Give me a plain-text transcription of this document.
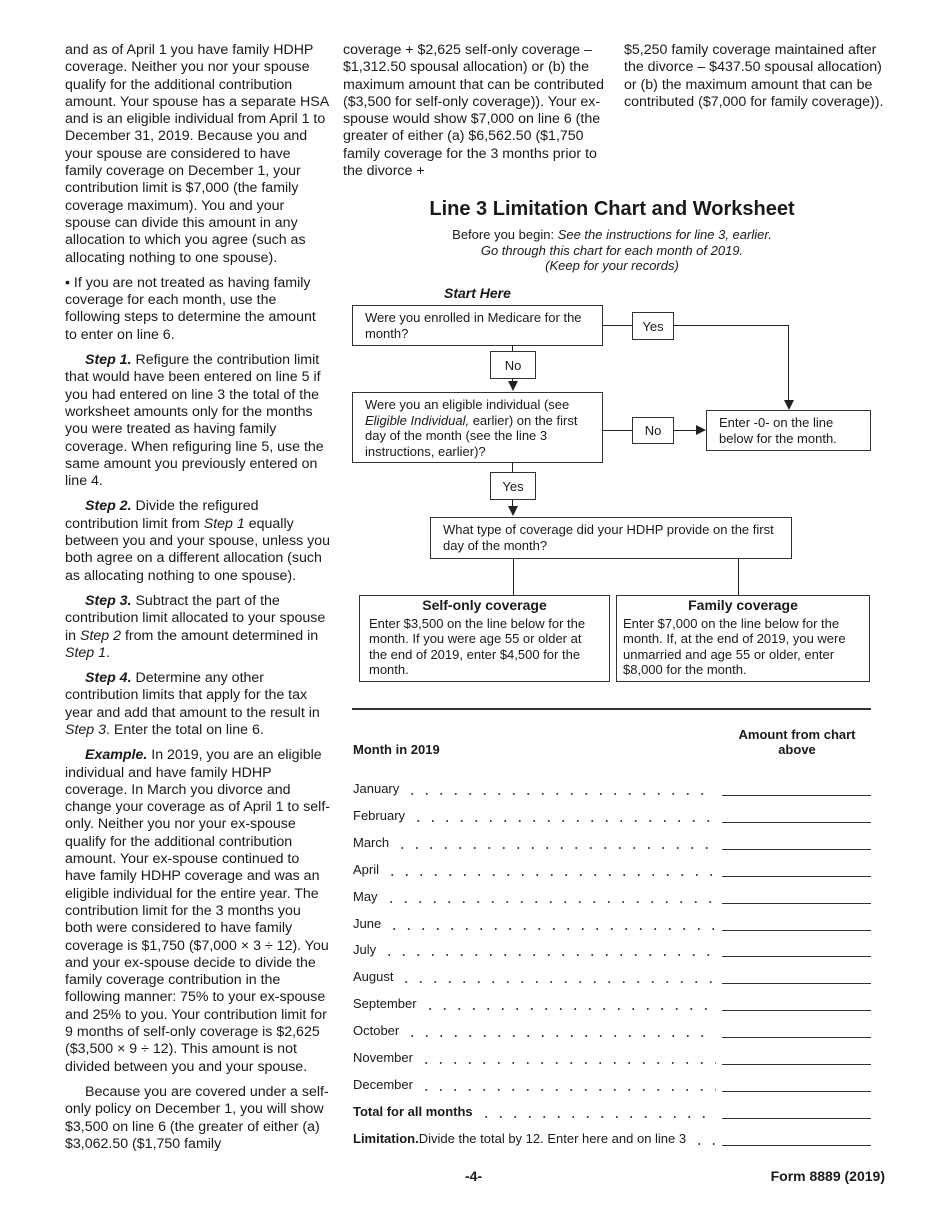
and as of April 1 you have family HDHP coverage. Neither you nor your spouse qualify for the additional contribution amount. Your spouse has a separate HSA and is an eligible individual from April 1 to December 31, 2019. Because you and your spouse are considered to have family coverage on December 1, your contribution limit is $7,000 (the family coverage maximum). You and your spouse can divide this amount in any allocation to which you agree (such as allocating nothing to one spouse).

• If you are not treated as having family coverage for each month, use the following steps to determine the amount to enter on line 6.

Step 1. Refigure the contribution limit that would have been entered on line 5 if you had entered on line 3 the total of the worksheet amounts only for the months you were treated as having family coverage. When refiguring line 5, use the same amount you previously entered on line 4.

Step 2. Divide the refigured contribution limit from Step 1 equally between you and your spouse, unless you both agree on a different allocation (such as allocating nothing to one spouse).

Step 3. Subtract the part of the contribution limit allocated to your spouse in Step 2 from the amount determined in Step 1.

Step 4. Determine any other contribution limits that apply for the tax year and add that amount to the result in Step 3. Enter the total on line 6.

Example. In 2019, you are an eligible individual and have family HDHP coverage. In March you divorce and change your coverage as of April 1 to self-only. Neither you nor your ex-spouse qualify for the additional contribution amount. Your ex-spouse continued to have family HDHP coverage and was an eligible individual for the entire year. The contribution limit for the 3 months you both were considered to have family coverage is $1,750 ($7,000 × 3 ÷ 12). You and your ex-spouse decide to divide the family coverage contribution in the following manner: 75% to your ex-spouse and 25% to you. Your contribution limit for 9 months of self-only coverage is $2,625 ($3,500 × 9 ÷ 12). This amount is not divided between you and your spouse.

Because you are covered under a self-only policy on December 1, you will show $3,500 on line 6 (the greater of either (a) $3,062.50 ($1,750 family

coverage + $2,625 self-only coverage – $1,312.50 spousal allocation) or (b) the maximum amount that can be contributed ($3,500 for self-only coverage)). Your ex-spouse would show $7,000 on line 6 (the greater of either (a) $6,562.50 ($1,750 family coverage for the 3 months prior to the divorce +

$5,250 family coverage maintained after the divorce – $437.50 spousal allocation) or (b) the maximum amount that can be contributed ($7,000 for family coverage)).

Line 3 Limitation Chart and Worksheet
Before you begin: See the instructions for line 3, earlier.
Go through this chart for each month of 2019.
(Keep for your records)
Start Here
Were you enrolled in Medicare for the month?	Yes
No
Were you an eligible individual (see Eligible Individual, earlier) on the first day of the month (see the line 3 instructions, earlier)?
No
Enter -0- on the line below for the month.
Yes
What type of coverage did your HDHP provide on the first day of the month?
Self-only coverage
Enter $3,500 on the line below for the month. If you were age 55 or older at the end of 2019, enter $4,500 for the month.
Family coverage
Enter $7,000 on the line below for the month. If, at the end of 2019, you were unmarried and age 55 or older, enter $8,000 for the month.
Month in 2019
Amount from chart above
January
February
March
April
May
June
July
August
September
October
November
December
Total for all months
Limitation. Divide the total by 12. Enter here and on line 3
-4-	Form 8889 (2019)
